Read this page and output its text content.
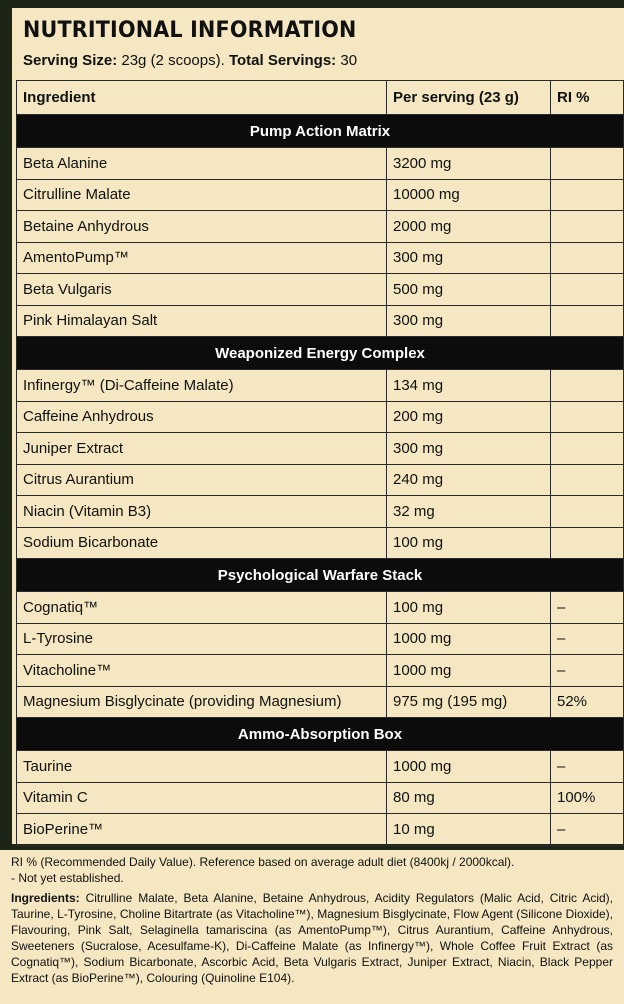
NUTRITIONAL INFORMATION
Serving Size: 23g (2 scoops). Total Servings: 30
Ingredient	Per serving (23 g)	RI %
Pump Action Matrix		
Beta Alanine	3200 mg	
Citrulline Malate	10000 mg	
Betaine Anhydrous	2000 mg	
AmentoPump™	300 mg	
Beta Vulgaris	500 mg	
Pink Himalayan Salt	300 mg	
Weaponized Energy Complex		
Infinergy™ (Di-Caffeine Malate)	134 mg	
Caffeine Anhydrous	200 mg	
Juniper Extract	300 mg	
Citrus Aurantium	240 mg	
Niacin (Vitamin B3)	32 mg	
Sodium Bicarbonate	100 mg	
Psychological Warfare Stack		
Cognatiq™	100 mg	–
L-Tyrosine	1000 mg	–
Vitacholine™	1000 mg	–
Magnesium Bisglycinate (providing Magnesium)	975 mg (195 mg)	52%
Ammo-Absorption Box		
Taurine	1000 mg	–
Vitamin C	80 mg	100%
BioPerine™	10 mg	–

RI % (Recommended Daily Value). Reference based on average adult diet (8400kj / 2000kcal).

- Not yet established.

Ingredients: Citrulline Malate, Beta Alanine, Betaine Anhydrous, Acidity Regulators (Malic Acid, Citric Acid), Taurine, L-Tyrosine, Choline Bitartrate (as Vitacholine™), Magnesium Bisglycinate, Flow Agent (Silicone Dioxide), Flavouring, Pink Salt, Selaginella tamariscina (as AmentoPump™), Citrus Aurantium, Caffeine Anhydrous, Sweeteners (Sucralose, Acesulfame-K), Di-Caffeine Malate (as Infinergy™), Whole Coffee Fruit Extract (as Cognatiq™), Sodium Bicarbonate, Ascorbic Acid, Beta Vulgaris Extract, Juniper Extract, Niacin, Black Pepper Extract (as BioPerine™), Colouring (Quinoline E104).
